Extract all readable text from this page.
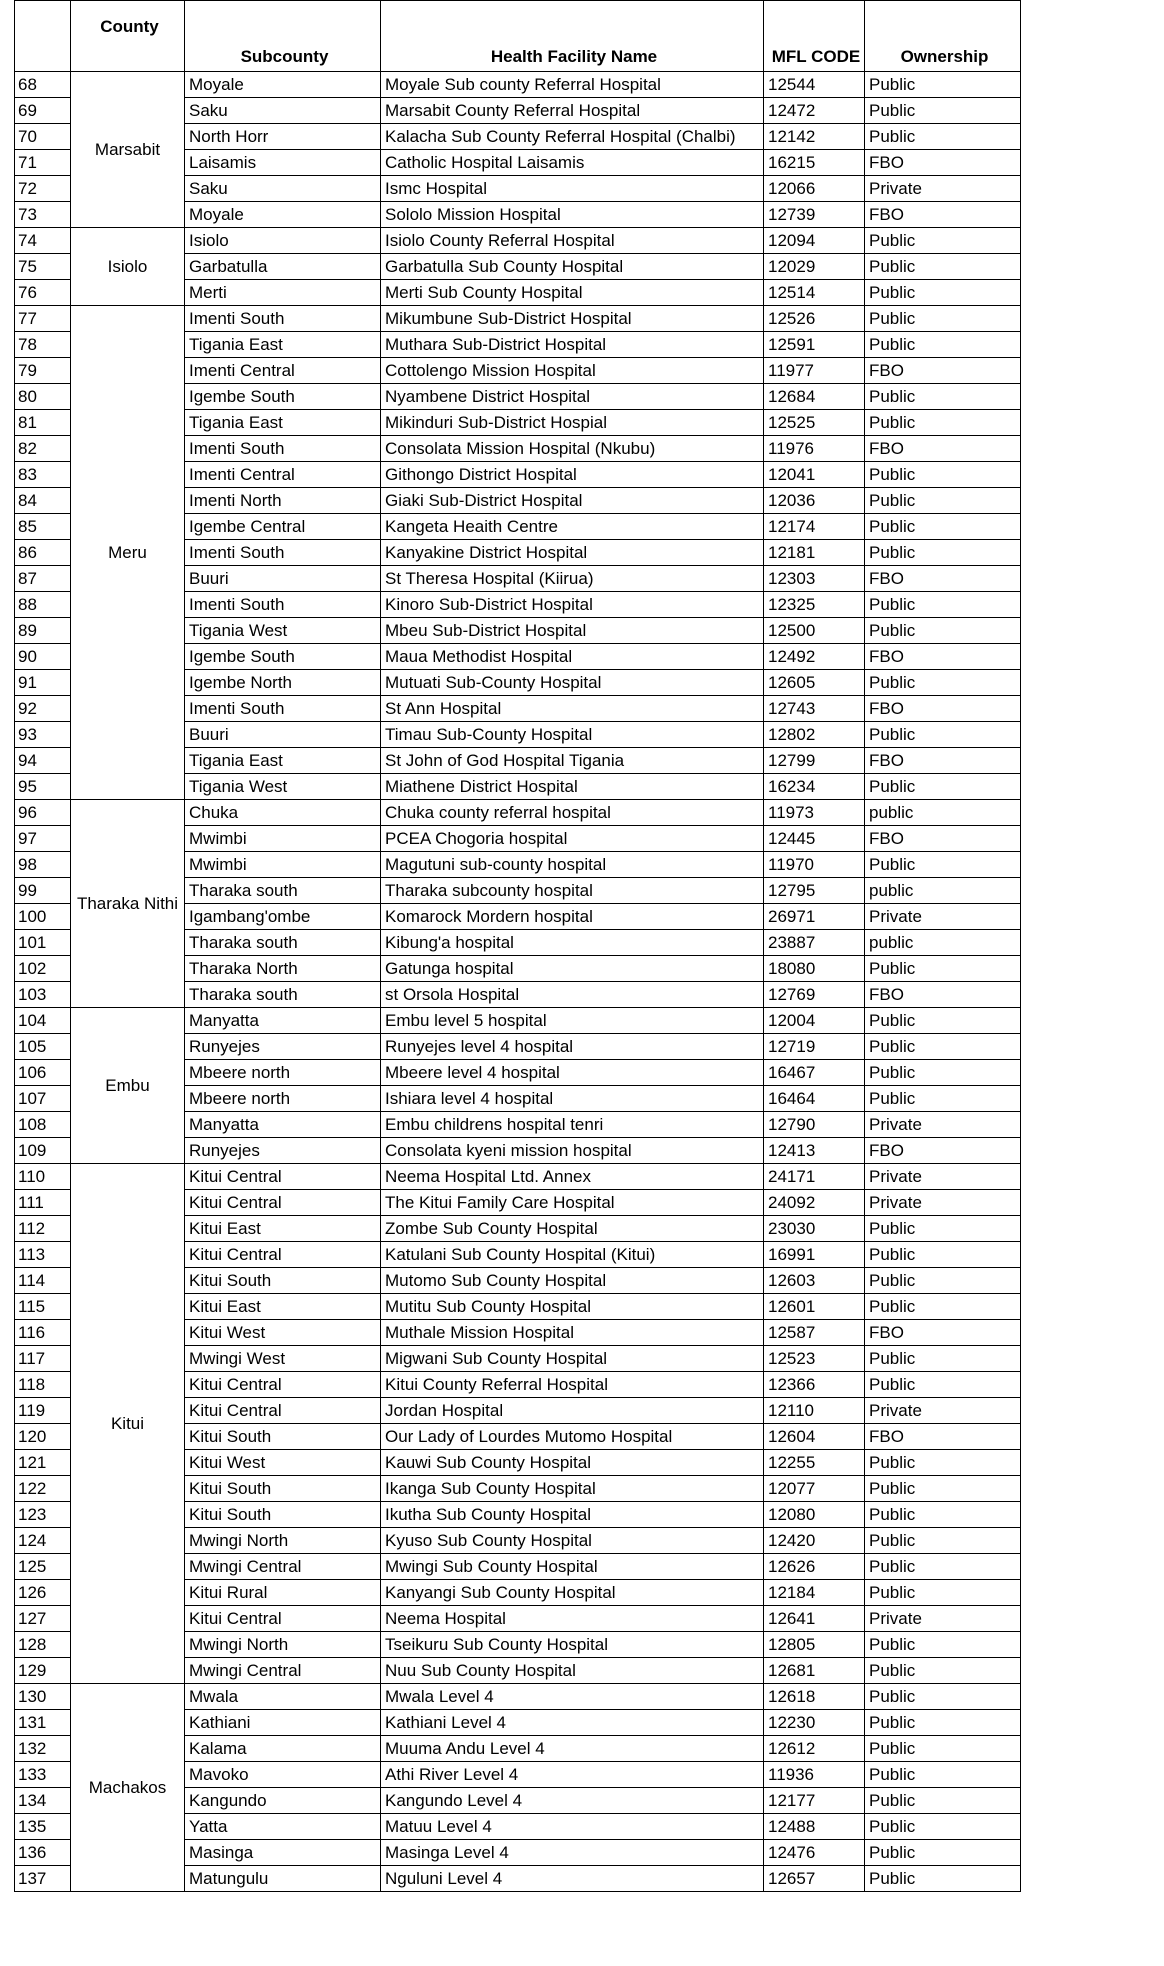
	County	Subcounty	Health Facility Name	MFL CODE	Ownership
68	Marsabit	Moyale	Moyale Sub county Referral Hospital	12544	Public
69		Saku	Marsabit County Referral Hospital	12472	Public
70		North Horr	Kalacha Sub County Referral Hospital (Chalbi)	12142	Public
71		Laisamis	Catholic Hospital Laisamis	16215	FBO
72		Saku	Ismc Hospital	12066	Private
73		Moyale	Sololo Mission Hospital	12739	FBO
74	Isiolo	Isiolo	Isiolo County Referral Hospital	12094	Public
75		Garbatulla	Garbatulla Sub County Hospital	12029	Public
76		Merti	Merti Sub County Hospital	12514	Public
77	Meru	Imenti South	Mikumbune Sub-District Hospital	12526	Public
78		Tigania East	Muthara Sub-District Hospital	12591	Public
79		Imenti Central	Cottolengo Mission Hospital	11977	FBO
80		Igembe South	Nyambene District Hospital	12684	Public
81		Tigania East	Mikinduri Sub-District Hospial	12525	Public
82		Imenti South	Consolata Mission Hospital (Nkubu)	11976	FBO
83		Imenti Central	Githongo District Hospital	12041	Public
84		Imenti North	Giaki Sub-District Hospital	12036	Public
85		Igembe Central	Kangeta Heaith Centre	12174	Public
86		Imenti South	Kanyakine District Hospital	12181	Public
87		Buuri	St Theresa Hospital (Kiirua)	12303	FBO
88		Imenti South	Kinoro Sub-District Hospital	12325	Public
89		Tigania West	Mbeu Sub-District Hospital	12500	Public
90		Igembe South	Maua Methodist Hospital	12492	FBO
91		Igembe North	Mutuati Sub-County Hospital	12605	Public
92		Imenti South	St Ann Hospital	12743	FBO
93		Buuri	Timau Sub-County Hospital	12802	Public
94		Tigania East	St John of God Hospital Tigania	12799	FBO
95		Tigania West	Miathene District Hospital	16234	Public
96	Tharaka Nithi	Chuka	Chuka county referral hospital	11973	public
97		Mwimbi	PCEA Chogoria hospital	12445	FBO
98		Mwimbi	Magutuni sub-county hospital	11970	Public
99		Tharaka south	Tharaka subcounty hospital	12795	public
100		Igambang'ombe	Komarock Mordern hospital	26971	Private
101		Tharaka south	Kibung'a hospital	23887	public
102		Tharaka North	Gatunga hospital	18080	Public
103		Tharaka south	st Orsola Hospital	12769	FBO
104	Embu	Manyatta	Embu level 5 hospital	12004	Public
105		Runyejes	Runyejes level 4 hospital	12719	Public
106		Mbeere north	Mbeere level 4 hospital	16467	Public
107		Mbeere north	Ishiara level 4 hospital	16464	Public
108		Manyatta	Embu childrens hospital tenri	12790	Private
109		Runyejes	Consolata kyeni mission hospital	12413	FBO
110	Kitui	Kitui Central	Neema Hospital Ltd. Annex	24171	Private
111		Kitui Central	The Kitui Family Care Hospital	24092	Private
112		Kitui East	Zombe Sub County Hospital	23030	Public
113		Kitui Central	Katulani Sub County Hospital (Kitui)	16991	Public
114		Kitui South	Mutomo Sub County Hospital	12603	Public
115		Kitui East	Mutitu Sub County Hospital	12601	Public
116		Kitui West	Muthale Mission Hospital	12587	FBO
117		Mwingi West	Migwani Sub County Hospital	12523	Public
118		Kitui Central	Kitui County Referral Hospital	12366	Public
119		Kitui Central	Jordan Hospital	12110	Private
120		Kitui South	Our Lady of Lourdes Mutomo Hospital	12604	FBO
121		Kitui West	Kauwi Sub County Hospital	12255	Public
122		Kitui South	Ikanga Sub County Hospital	12077	Public
123		Kitui South	Ikutha Sub County Hospital	12080	Public
124		Mwingi North	Kyuso Sub County Hospital	12420	Public
125		Mwingi Central	Mwingi Sub County Hospital	12626	Public
126		Kitui Rural	Kanyangi Sub County Hospital	12184	Public
127		Kitui Central	Neema Hospital	12641	Private
128		Mwingi North	Tseikuru Sub County Hospital	12805	Public
129		Mwingi Central	Nuu Sub County Hospital	12681	Public
130	Machakos	Mwala	Mwala Level 4	12618	Public
131		Kathiani	Kathiani Level 4	12230	Public
132		Kalama	Muuma Andu Level 4	12612	Public
133		Mavoko	Athi River Level 4	11936	Public
134		Kangundo	Kangundo Level 4	12177	Public
135		Yatta	Matuu Level 4	12488	Public
136		Masinga	Masinga Level 4	12476	Public
137		Matungulu	Nguluni Level 4	12657	Public
